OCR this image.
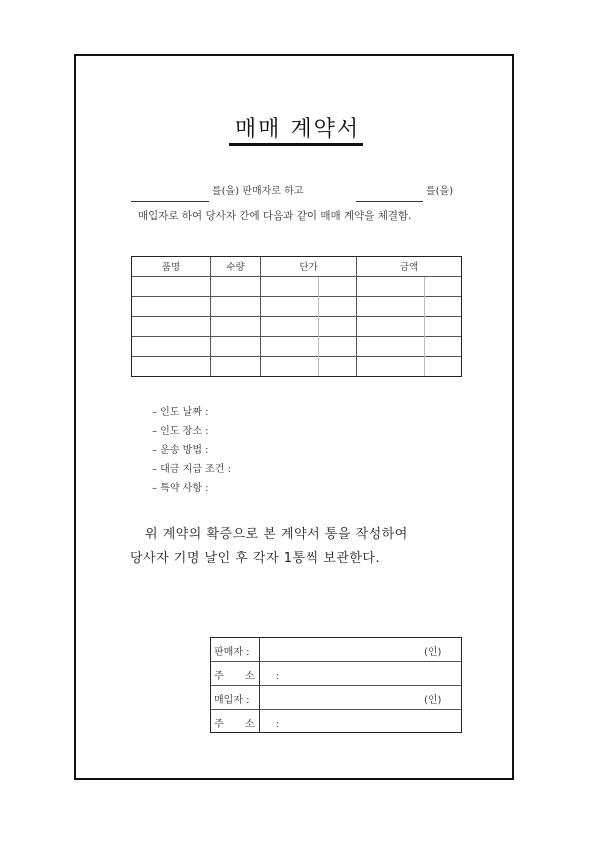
매매 계약서
를(을) 판매자로 하고	를(을)
매입자로 하여 당사자 간에 다음과 같이 매매 계약을 체결함.
품명	수량	단가	금액
– 인도 날짜 :
– 인도 장소 :
– 운송 방법 :
– 대금 지급 조건 :
– 특약 사항 :
위 계약의 확증으로 본 계약서 통을 작성하여
당사자 기명 날인 후 각자 1통씩 보관한다.
판매자 :	(인)
주 소 :
매입자 :	(인)
주 소 :
